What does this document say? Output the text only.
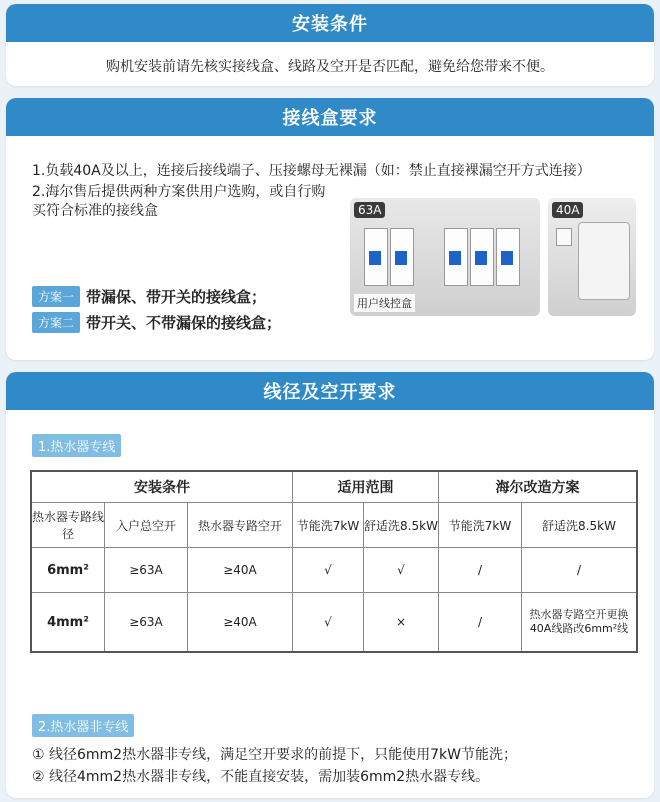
安装条件
购机安装前请先核实接线盒、线路及空开是否匹配，避免给您带来不便。
接线盒要求
1.负载40A及以上，连接后接线端子、压接螺母无裸漏（如：禁止直接裸漏空开方式连接）
2.海尔售后提供两种方案供用户选购，或自行购买符合标准的接线盒
方案一 带漏保、带开关的接线盒；
方案二 带开关、不带漏保的接线盒；
63A
用户线控盒
40A
线径及空开要求
1.热水器专线
安装条件			适用范围		海尔改造方案	
热水器专路线径	入户总空开	热水器专路空开	节能洗7kW	舒适洗8.5kW	节能洗7kW	舒适洗8.5kW
6mm²	≥63A	≥40A	√	√	/	/
4mm²	≥63A	≥40A	√	×	/	热水器专路空开更换40A线路改6mm²线
2.热水器非专线
① 线径6mm2热水器非专线，满足空开要求的前提下，只能使用7kW节能洗；
② 线径4mm2热水器非专线，不能直接安装，需加装6mm2热水器专线。
